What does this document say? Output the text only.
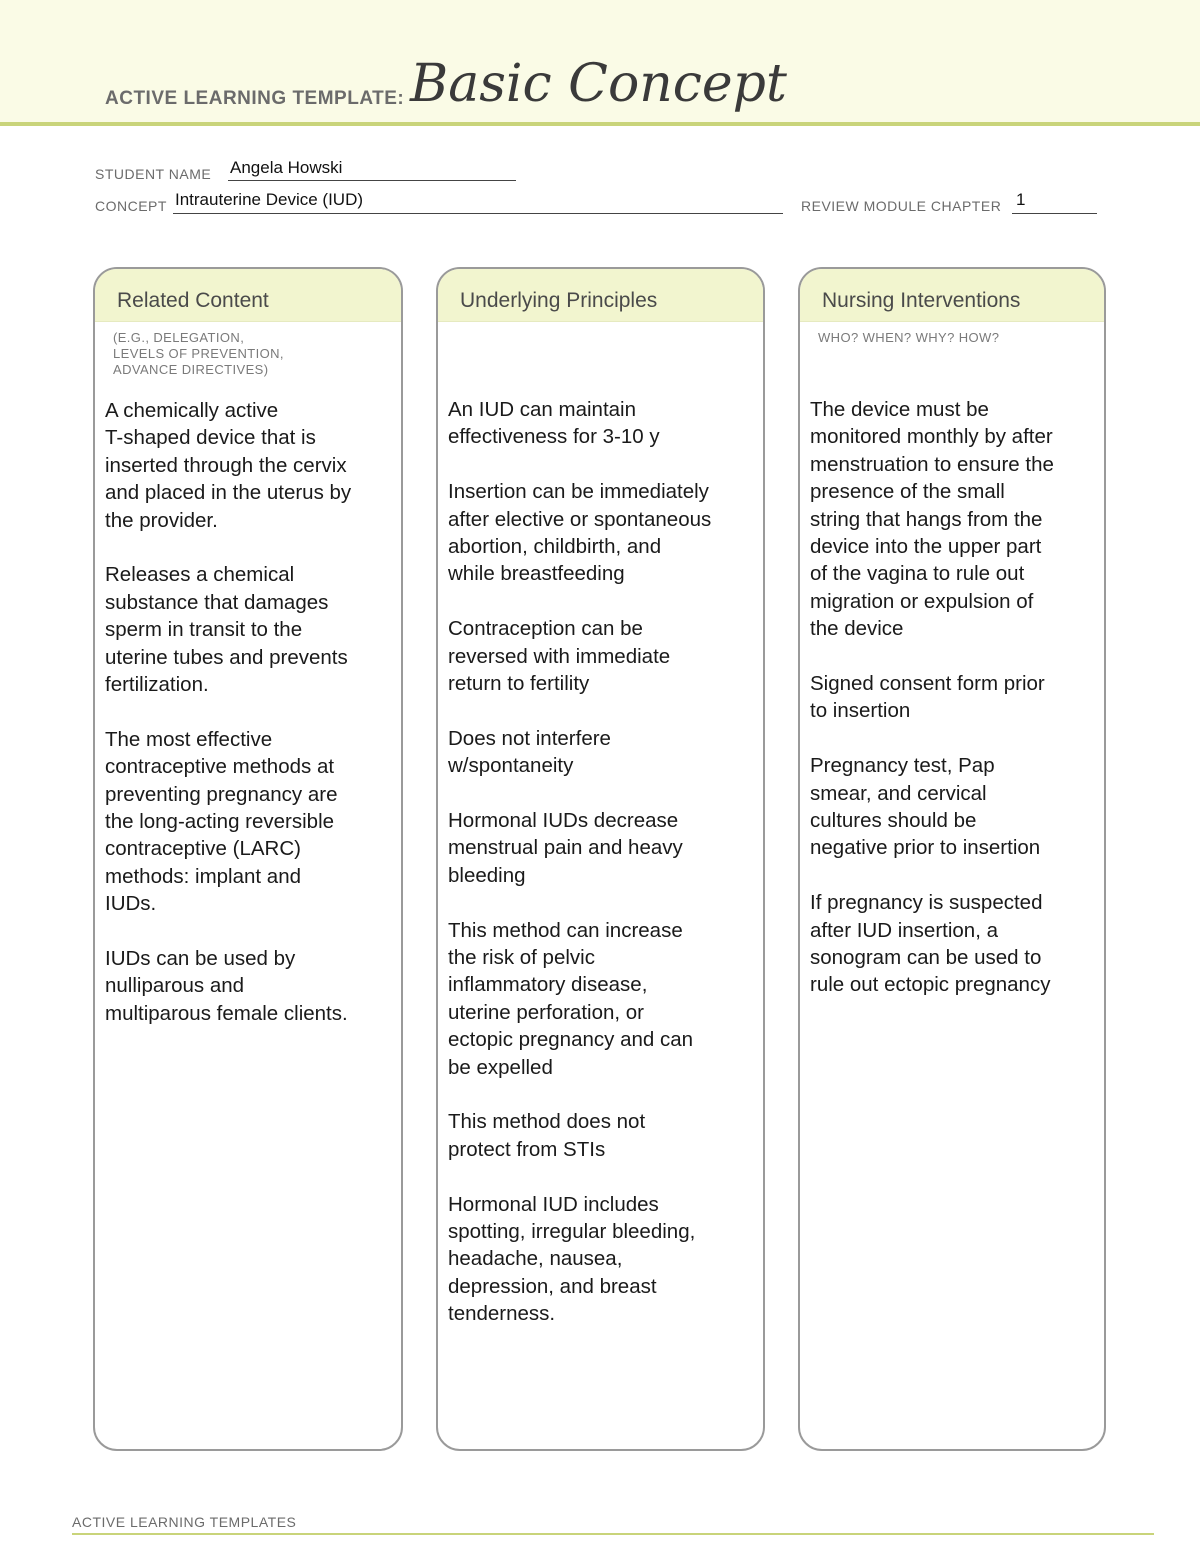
ACTIVE LEARNING TEMPLATE: Basic Concept
STUDENT NAME Angela Howski
CONCEPT Intrauterine Device (IUD)	REVIEW MODULE CHAPTER 1
Related Content
(E.G., DELEGATION,
LEVELS OF PREVENTION,
ADVANCE DIRECTIVES)

A chemically active
T-shaped device that is
inserted through the cervix
and placed in the uterus by
the provider.

Releases a chemical
substance that damages
sperm in transit to the
uterine tubes and prevents
fertilization.

The most effective
contraceptive methods at
preventing pregnancy are
the long-acting reversible
contraceptive (LARC)
methods: implant and
IUDs.

IUDs can be used by
nulliparous and
multiparous female clients.

Underlying Principles

An IUD can maintain
effectiveness for 3-10 y

Insertion can be immediately
after elective or spontaneous
abortion, childbirth, and
while breastfeeding

Contraception can be
reversed with immediate
return to fertility

Does not interfere
w/spontaneity

Hormonal IUDs decrease
menstrual pain and heavy
bleeding

This method can increase
the risk of pelvic
inflammatory disease,
uterine perforation, or
ectopic pregnancy and can
be expelled

This method does not
protect from STIs

Hormonal IUD includes
spotting, irregular bleeding,
headache, nausea,
depression, and breast
tenderness.

Nursing Interventions
WHO? WHEN? WHY? HOW?

The device must be
monitored monthly by after
menstruation to ensure the
presence of the small
string that hangs from the
device into the upper part
of the vagina to rule out
migration or expulsion of
the device

Signed consent form prior
to insertion

Pregnancy test, Pap
smear, and cervical
cultures should be
negative prior to insertion

If pregnancy is suspected
after IUD insertion, a
sonogram can be used to
rule out ectopic pregnancy

ACTIVE LEARNING TEMPLATES
